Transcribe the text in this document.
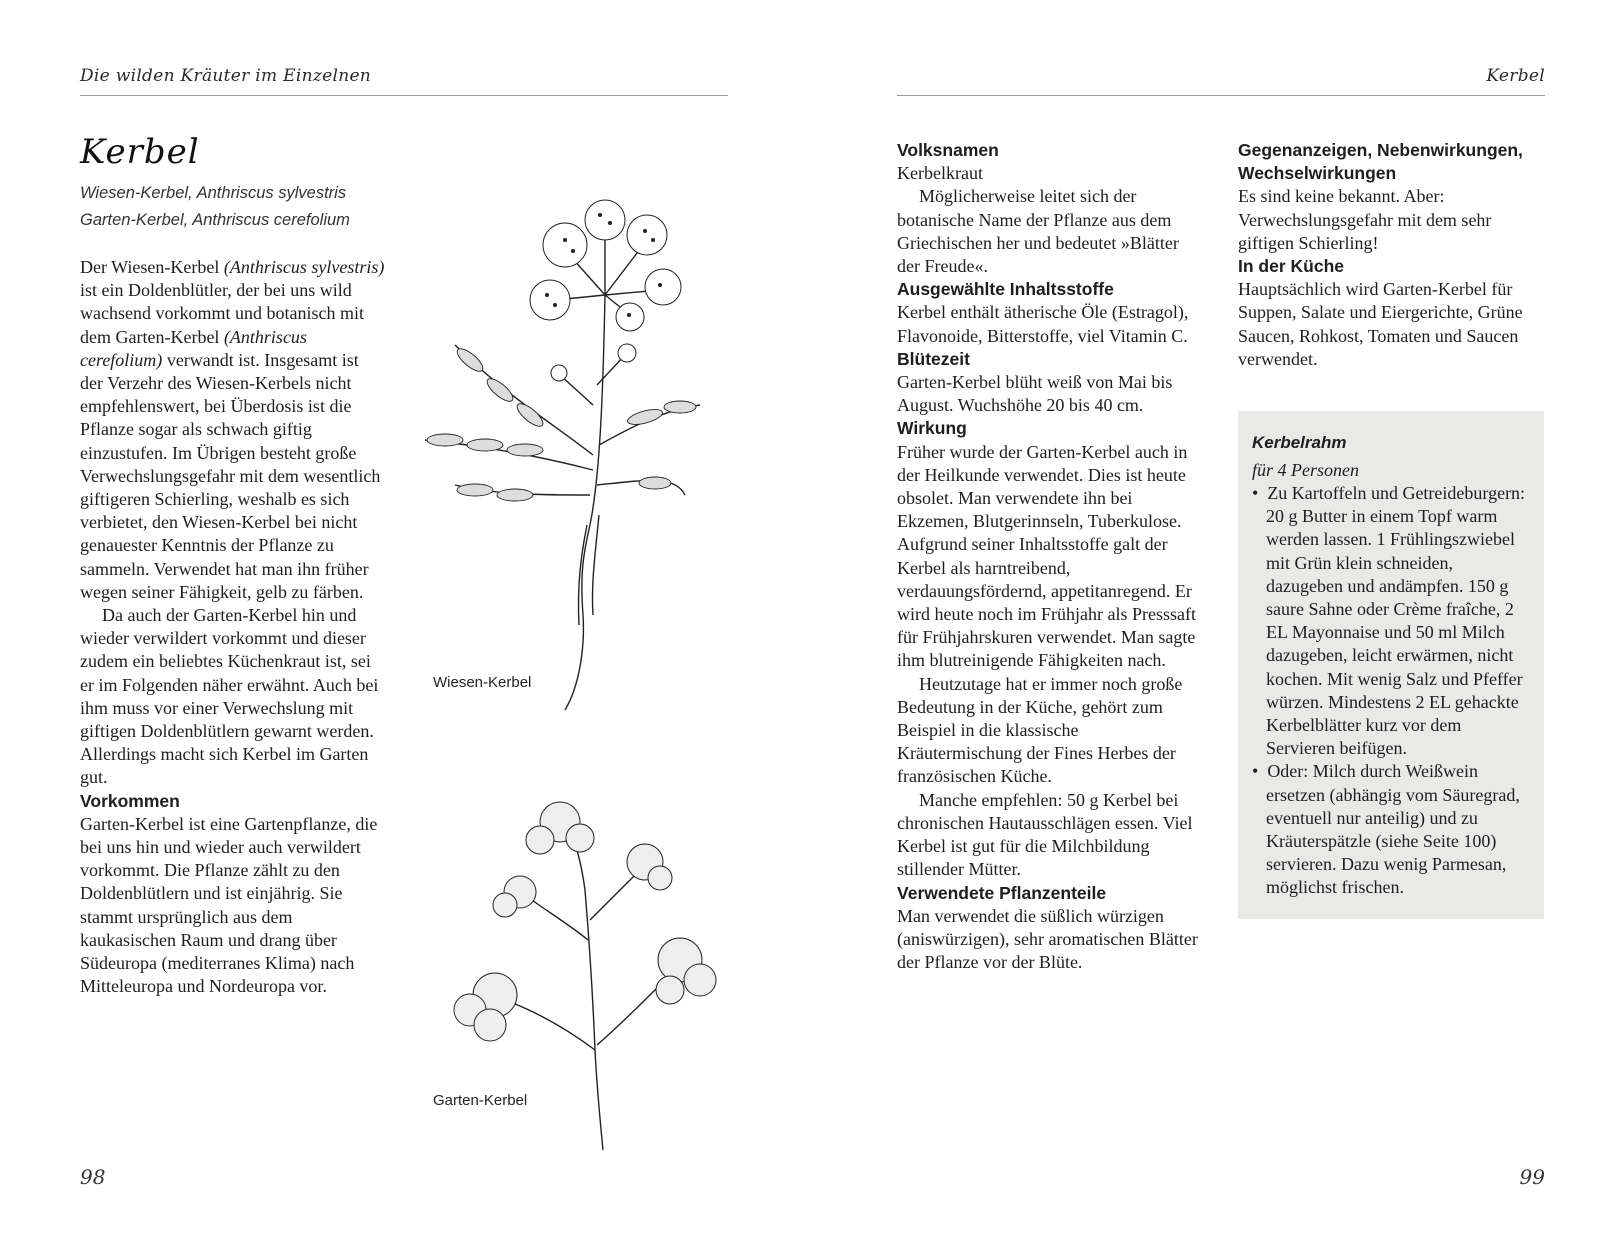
Die wilden Kräuter im Einzelnen
Kerbel
Wiesen-Kerbel, Anthriscus sylvestris
Garten-Kerbel, Anthriscus cerefolium

Der Wiesen-Kerbel (Anthriscus sylvestris) ist ein Doldenblütler, der bei uns wild wachsend vorkommt und botanisch mit dem Garten-Kerbel (Anthriscus cerefolium) verwandt ist. Insgesamt ist der Verzehr des Wiesen-Kerbels nicht empfehlenswert, bei Überdosis ist die Pflanze sogar als schwach giftig einzustufen. Im Übrigen besteht große Verwechslungsgefahr mit dem wesentlich giftigeren Schierling, weshalb es sich verbietet, den Wiesen-Kerbel bei nicht genauester Kenntnis der Pflanze zu sammeln. Verwendet hat man ihn früher wegen seiner Fähigkeit, gelb zu färben.

Da auch der Garten-Kerbel hin und wieder verwildert vorkommt und dieser zudem ein beliebtes Küchenkraut ist, sei er im Folgenden näher erwähnt. Auch bei ihm muss vor einer Verwechslung mit giftigen Doldenblütlern gewarnt werden. Allerdings macht sich Kerbel im Garten gut.

Vorkommen

Garten-Kerbel ist eine Gartenpflanze, die bei uns hin und wieder auch verwildert vorkommt. Die Pflanze zählt zu den Doldenblütlern und ist einjährig. Sie stammt ursprünglich aus dem kaukasischen Raum und drang über Südeuropa (mediterranes Klima) nach Mitteleuropa und Nordeuropa vor.

Wiesen-Kerbel
Garten-Kerbel
98
Kerbel

Volksnamen

Kerbelkraut

Möglicherweise leitet sich der botanische Name der Pflanze aus dem Griechischen her und bedeutet »Blätter der Freude«.

Ausgewählte Inhaltsstoffe

Kerbel enthält ätherische Öle (Estragol), Flavonoide, Bitterstoffe, viel Vitamin C.

Blütezeit

Garten-Kerbel blüht weiß von Mai bis August. Wuchshöhe 20 bis 40 cm.

Wirkung

Früher wurde der Garten-Kerbel auch in der Heilkunde verwendet. Dies ist heute obsolet. Man verwendete ihn bei Ekzemen, Blutgerinnseln, Tuberkulose. Aufgrund seiner Inhaltsstoffe galt der Kerbel als harntreibend, verdauungsfördernd, appetitanregend. Er wird heute noch im Frühjahr als Presssaft für Frühjahrskuren verwendet. Man sagte ihm blutreinigende Fähigkeiten nach.

Heutzutage hat er immer noch große Bedeutung in der Küche, gehört zum Beispiel in die klassische Kräutermischung der Fines Herbes der französischen Küche.

Manche empfehlen: 50 g Kerbel bei chronischen Hautausschlägen essen. Viel Kerbel ist gut für die Milchbildung stillender Mütter.

Verwendete Pflanzenteile

Man verwendet die süßlich würzigen (aniswürzigen), sehr aromatischen Blätter der Pflanze vor der Blüte.

Gegenanzeigen, Nebenwirkungen, Wechselwirkungen

Es sind keine bekannt. Aber: Verwechslungsgefahr mit dem sehr giftigen Schierling!

In der Küche

Hauptsächlich wird Garten-Kerbel für Suppen, Salate und Eiergerichte, Grüne Saucen, Rohkost, Tomaten und Saucen verwendet.

Kerbelrahm

für 4 Personen

• Zu Kartoffeln und Getreideburgern: 20 g Butter in einem Topf warm werden lassen. 1 Frühlingszwiebel mit Grün klein schneiden, dazugeben und andämpfen. 150 g saure Sahne oder Crème fraîche, 2 EL Mayonnaise und 50 ml Milch dazugeben, leicht erwärmen, nicht kochen. Mit wenig Salz und Pfeffer würzen. Mindestens 2 EL gehackte Kerbelblätter kurz vor dem Servieren beifügen.

• Oder: Milch durch Weißwein ersetzen (abhängig vom Säuregrad, eventuell nur anteilig) und zu Kräuterspätzle (siehe Seite 100) servieren. Dazu wenig Parmesan, möglichst frischen.

99
